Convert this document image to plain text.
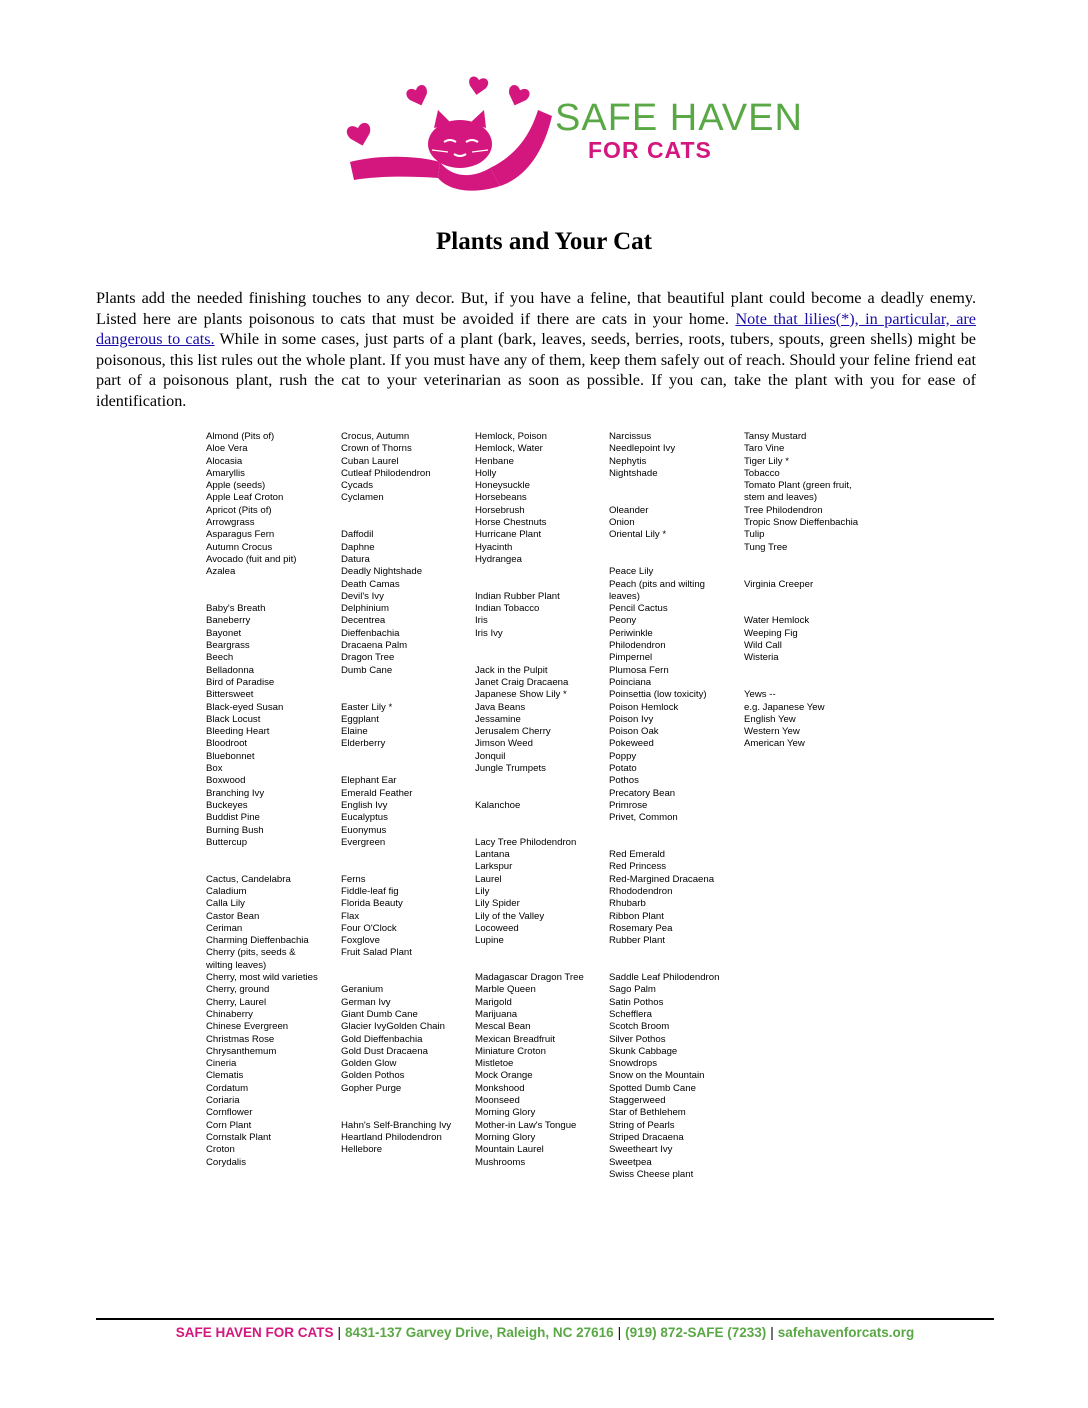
SAFE HAVEN
FOR CATS
Plants and Your Cat
Plants add the needed finishing touches to any decor. But, if you have a feline, that beautiful plant could become a deadly enemy. Listed here are plants poisonous to cats that must be avoided if there are cats in your home. Note that lilies(*), in particular, are dangerous to cats. While in some cases, just parts of a plant (bark, leaves, seeds, berries, roots, tubers, spouts, green shells) might be poisonous, this list rules out the whole plant. If you must have any of them, keep them safely out of reach. Should your feline friend eat part of a poisonous plant, rush the cat to your veterinarian as soon as possible. If you can, take the plant with you for ease of identification.
Almond (Pits of)
Aloe Vera
Alocasia
Amaryllis
Apple (seeds)
Apple Leaf Croton
Apricot (Pits of)
Arrowgrass
Asparagus Fern
Autumn Crocus
Avocado (fuit and pit)
Azalea
Baby's Breath
Baneberry
Bayonet
Beargrass
Beech
Belladonna
Bird of Paradise
Bittersweet
Black-eyed Susan
Black Locust
Bleeding Heart
Bloodroot
Bluebonnet
Box
Boxwood
Branching Ivy
Buckeyes
Buddist Pine
Burning Bush
Buttercup
Cactus, Candelabra
Caladium
Calla Lily
Castor Bean
Ceriman
Charming Dieffenbachia
Cherry (pits, seeds &
wilting leaves)
Cherry, most wild varieties
Cherry, ground
Cherry, Laurel
Chinaberry
Chinese Evergreen
Christmas Rose
Chrysanthemum
Cineria
Clematis
Cordatum
Coriaria
Cornflower
Corn Plant
Cornstalk Plant
Croton
Corydalis
Crocus, Autumn
Crown of Thorns
Cuban Laurel
Cutleaf Philodendron
Cycads
Cyclamen
Daffodil
Daphne
Datura
Deadly Nightshade
Death Camas
Devil's Ivy
Delphinium
Decentrea
Dieffenbachia
Dracaena Palm
Dragon Tree
Dumb Cane
Easter Lily *
Eggplant
Elaine
Elderberry
Elephant Ear
Emerald Feather
English Ivy
Eucalyptus
Euonymus
Evergreen
Ferns
Fiddle-leaf fig
Florida Beauty
Flax
Four O'Clock
Foxglove
Fruit Salad Plant
Geranium
German Ivy
Giant Dumb Cane
Glacier IvyGolden Chain
Gold Dieffenbachia
Gold Dust Dracaena
Golden Glow
Golden Pothos
Gopher Purge
Hahn's Self-Branching Ivy
Heartland Philodendron
Hellebore
Hemlock, Poison
Hemlock, Water
Henbane
Holly
Honeysuckle
Horsebeans
Horsebrush
Horse Chestnuts
Hurricane Plant
Hyacinth
Hydrangea
Indian Rubber Plant
Indian Tobacco
Iris
Iris Ivy
Jack in the Pulpit
Janet Craig Dracaena
Japanese Show Lily *
Java Beans
Jessamine
Jerusalem Cherry
Jimson Weed
Jonquil
Jungle Trumpets
Kalanchoe
Lacy Tree Philodendron
Lantana
Larkspur
Laurel
Lily
Lily Spider
Lily of the Valley
Locoweed
Lupine
Madagascar Dragon Tree
Marble Queen
Marigold
Marijuana
Mescal Bean
Mexican Breadfruit
Miniature Croton
Mistletoe
Mock Orange
Monkshood
Moonseed
Morning Glory
Mother-in Law's Tongue
Morning Glory
Mountain Laurel
Mushrooms
Narcissus
Needlepoint Ivy
Nephytis
Nightshade
Oleander
Onion
Oriental Lily *
Peace Lily
Peach (pits and wilting
leaves)
Pencil Cactus
Peony
Periwinkle
Philodendron
Pimpernel
Plumosa Fern
Poinciana
Poinsettia (low toxicity)
Poison Hemlock
Poison Ivy
Poison Oak
Pokeweed
Poppy
Potato
Pothos
Precatory Bean
Primrose
Privet, Common
Red Emerald
Red Princess
Red-Margined Dracaena
Rhododendron
Rhubarb
Ribbon Plant
Rosemary Pea
Rubber Plant
Saddle Leaf Philodendron
Sago Palm
Satin Pothos
Schefflera
Scotch Broom
Silver Pothos
Skunk Cabbage
Snowdrops
Snow on the Mountain
Spotted Dumb Cane
Staggerweed
Star of Bethlehem
String of Pearls
Striped Dracaena
Sweetheart Ivy
Sweetpea
Swiss Cheese plant
Tansy Mustard
Taro Vine
Tiger Lily *
Tobacco
Tomato Plant (green fruit,
stem and leaves)
Tree Philodendron
Tropic Snow Dieffenbachia
Tulip
Tung Tree
Virginia Creeper
Water Hemlock
Weeping Fig
Wild Call
Wisteria
Yews --
e.g. Japanese Yew
English Yew
Western Yew
American Yew
SAFE HAVEN FOR CATS | 8431-137 Garvey Drive, Raleigh, NC 27616 | (919) 872-SAFE (7233) | safehavenforcats.org
